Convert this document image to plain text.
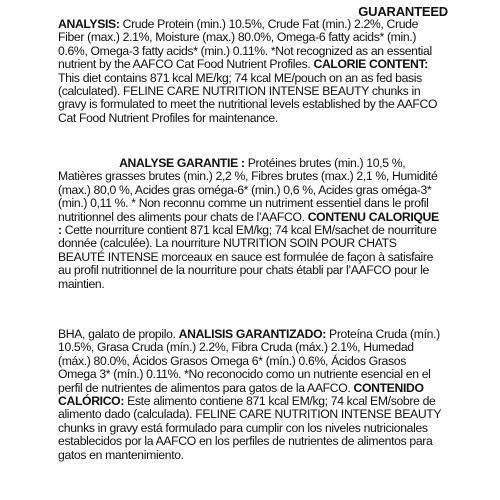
GUARANTEED

ANALYSIS: Crude Protein (min.) 10.5%, Crude Fat (min.) 2.2%, Crude Fiber (max.) 2.1%, Moisture (max.) 80.0%, Omega-6 fatty acids* (min.) 0.6%, Omega-3 fatty acids* (min.) 0.11%. *Not recognized as an essential nutrient by the AAFCO Cat Food Nutrient Profiles. CALORIE CONTENT: This diet contains 871 kcal ME/kg; 74 kcal ME/pouch on an as fed basis (calculated). FELINE CARE NUTRITION INTENSE BEAUTY chunks in gravy is formulated to meet the nutritional levels established by the AAFCO Cat Food Nutrient Profiles for maintenance.

ANALYSE GARANTIE : Protéines brutes (min.) 10,5 %, Matières grasses brutes (min.) 2,2 %, Fibres brutes (max.) 2,1 %, Humidité (max.) 80,0 %, Acides gras oméga-6* (min.) 0,6 %, Acides gras oméga-3* (min.) 0,11 %. * Non reconnu comme un nutriment essentiel dans le profil nutritionnel des aliments pour chats de l’AAFCO. CONTENU CALORIQUE : Cette nourriture contient 871 kcal EM/kg; 74 kcal EM/sachet de nourriture donnée (calculée). La nourriture NUTRITION SOIN POUR CHATS BEAUTÉ INTENSE morceaux en sauce est formulée de façon à satisfaire au profil nutritionnel de la nourriture pour chats établi par l’AAFCO pour le maintien.

BHA, galato de propilo. ANALISIS GARANTIZADO: Proteína Cruda (mín.) 10.5%, Grasa Cruda (mín.) 2.2%, Fibra Cruda (máx.) 2.1%, Humedad (máx.) 80.0%, Ácidos Grasos Omega 6* (mín.) 0.6%, Ácidos Grasos Omega 3* (mín.) 0.11%. *No reconocido como un nutriente esencial en el perfil de nutrientes de alimentos para gatos de la AAFCO. CONTENIDO CALÓRICO: Este alimento contiene 871 kcal EM/kg; 74 kcal EM/sobre de alimento dado (calculada). FELINE CARE NUTRITION INTENSE BEAUTY chunks in gravy está formulado para cumplir con los niveles nutricionales establecidos por la AAFCO en los perfiles de nutrientes de alimentos para gatos en mantenimiento.
